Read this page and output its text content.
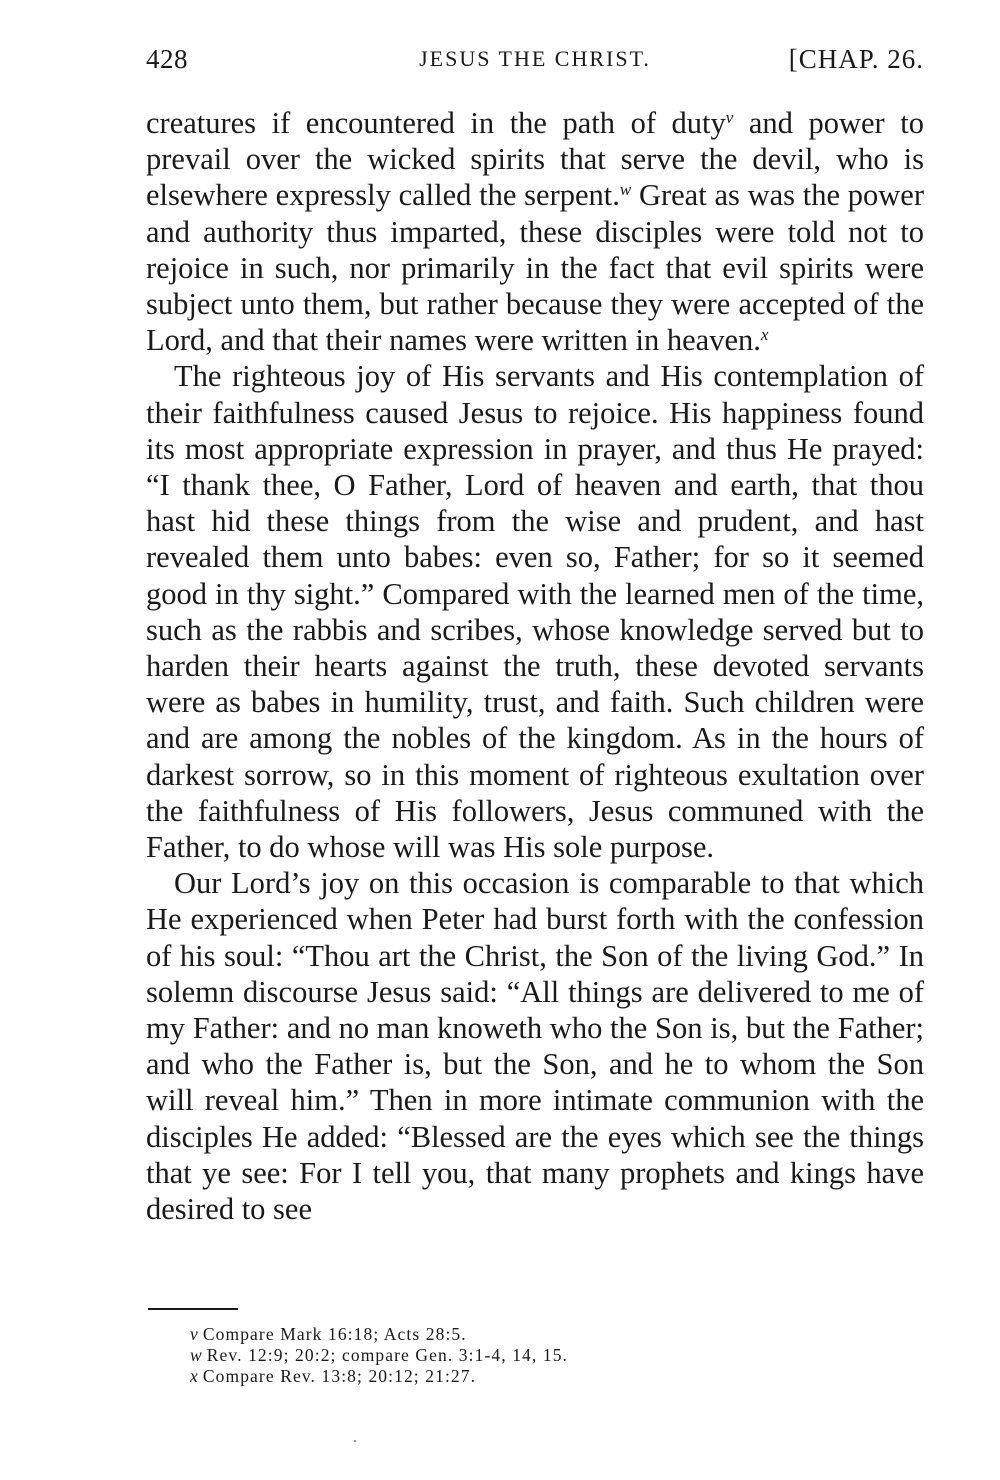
428	JESUS THE CHRIST.	[CHAP. 26.

creatures if encountered in the path of duty$^v$ and power to prevail over the wicked spirits that serve the devil, who is elsewhere expressly called the serpent.$^w$ Great as was the power and authority thus imparted, these disciples were told not to rejoice in such, nor primarily in the fact that evil spirits were subject unto them, but rather because they were accepted of the Lord, and that their names were written in heaven.$^x$

The righteous joy of His servants and His contemplation of their faithfulness caused Jesus to rejoice. His happiness found its most appropriate expression in prayer, and thus He prayed: “I thank thee, O Father, Lord of heaven and earth, that thou hast hid these things from the wise and prudent, and hast revealed them unto babes: even so, Father; for so it seemed good in thy sight.” Compared with the learned men of the time, such as the rabbis and scribes, whose knowledge served but to harden their hearts against the truth, these devoted servants were as babes in humility, trust, and faith. Such children were and are among the nobles of the kingdom. As in the hours of darkest sorrow, so in this moment of righteous exultation over the faithfulness of His followers, Jesus communed with the Father, to do whose will was His sole purpose.

Our Lord’s joy on this occasion is comparable to that which He experienced when Peter had burst forth with the confession of his soul: “Thou art the Christ, the Son of the living God.” In solemn discourse Jesus said: “All things are delivered to me of my Father: and no man knoweth who the Son is, but the Father; and who the Father is, but the Son, and he to whom the Son will reveal him.” Then in more intimate communion with the disciples He added: “Blessed are the eyes which see the things that ye see: For I tell you, that many prophets and kings have desired to see

v Compare Mark 16:18; Acts 28:5.

w Rev. 12:9; 20:2; compare Gen. 3:1-4, 14, 15.

x Compare Rev. 13:8; 20:12; 21:27.
